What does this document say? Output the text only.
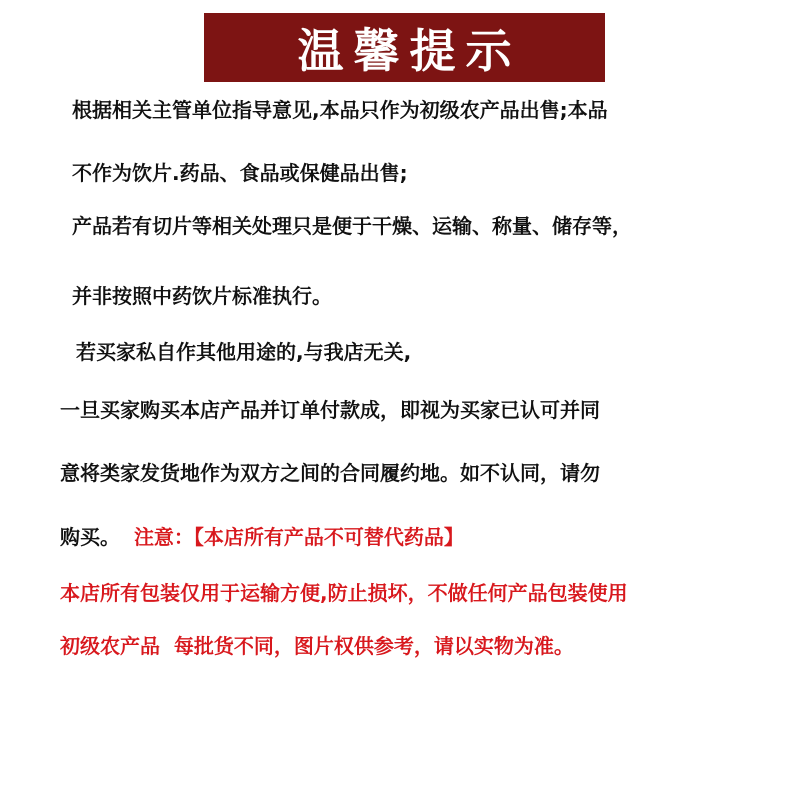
温馨提示

根据相关主管单位指导意见,本品只作为初级农产品出售;本品

不作为饮片.药品、食品或保健品出售;

产品若有切片等相关处理只是便于干燥、运输、称量、储存等，

并非按照中药饮片标准执行。

若买家私自作其他用途的,与我店无关,

一旦买家购买本店产品并订单付款成，即视为买家已认可并同

意将类家发货地作为双方之间的合同履约地。如不认同，请勿

购买。 注意：【本店所有产品不可替代药品】

本店所有包装仅用于运输方便,防止损坏，不做任何产品包装使用

初级农产品  每批货不同，图片权供参考，请以实物为准。
